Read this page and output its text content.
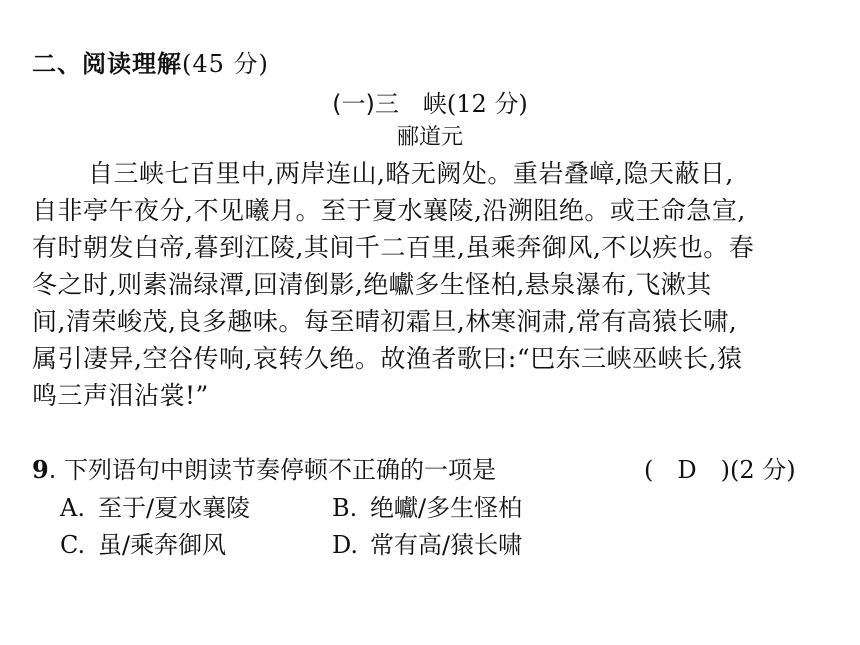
二、阅读理解(45 分)
(一)三　峡(12 分)
郦道元
自三峡七百里中,两岸连山,略无阙处。重岩叠嶂,隐天蔽日,
自非亭午夜分,不见曦月。至于夏水襄陵,沿溯阻绝。或王命急宣,
有时朝发白帝,暮到江陵,其间千二百里,虽乘奔御风,不以疾也。春
冬之时,则素湍绿潭,回清倒影,绝巘多生怪柏,悬泉瀑布,飞漱其
间,清荣峻茂,良多趣味。每至晴初霜旦,林寒涧肃,常有高猿长啸,
属引凄异,空谷传响,哀转久绝。故渔者歌曰:“巴东三峡巫峡长,猿
鸣三声泪沾裳!”
9. 下列语句中朗读节奏停顿不正确的一项是	(　D　)(2 分)
A. 至于/夏水襄陵	B. 绝巘/多生怪柏
C. 虽/乘奔御风	D. 常有高/猿长啸
